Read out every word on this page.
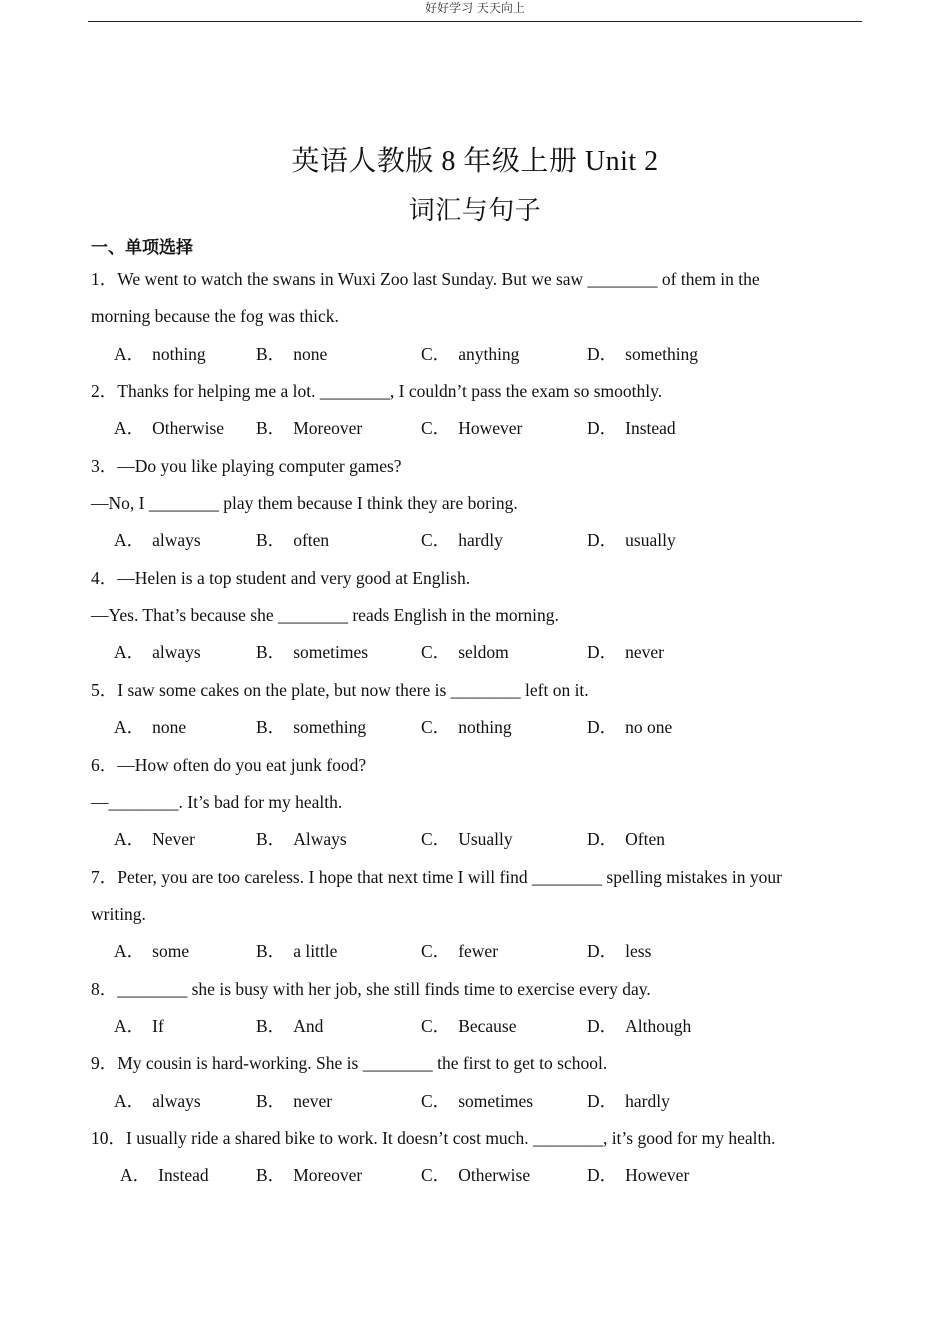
好好学习 天天向上
英语人教版 8 年级上册 Unit 2
词汇与句子
一、单项选择
1．We went to watch the swans in Wuxi Zoo last Sunday. But we saw ________ of them in the
morning because the fog was thick.
A． nothing	B． none	C． anything	D． something
2．Thanks for helping me a lot. ________, I couldn’t pass the exam so smoothly.
A． Otherwise B． Moreover	C． However	D． Instead
3．—Do you like playing computer games?
—No, I ________ play them because I think they are boring.
A． always	B． often	C． hardly	D． usually
4．—Helen is a top student and very good at English.
—Yes. That’s because she ________ reads English in the morning.
A． always	B． sometimes	C． seldom	D． never
5．I saw some cakes on the plate, but now there is ________ left on it.
A． none	B． something	C． nothing	D． no one
6．—How often do you eat junk food?
—________. It’s bad for my health.
A． Never	B． Always	C． Usually	D． Often
7．Peter, you are too careless. I hope that next time I will find ________ spelling mistakes in your
writing.
A． some	B． a little	C． fewer	D． less
8．________ she is busy with her job, she still finds time to exercise every day.
A． If	B． And	C． Because	D． Although
9．My cousin is hard-working. She is ________ the first to get to school.
A． always	B． never	C． sometimes	D． hardly
10．I usually ride a shared bike to work. It doesn’t cost much. ________, it’s good for my health.
A． Instead	B． Moreover	C． Otherwise	D． However
